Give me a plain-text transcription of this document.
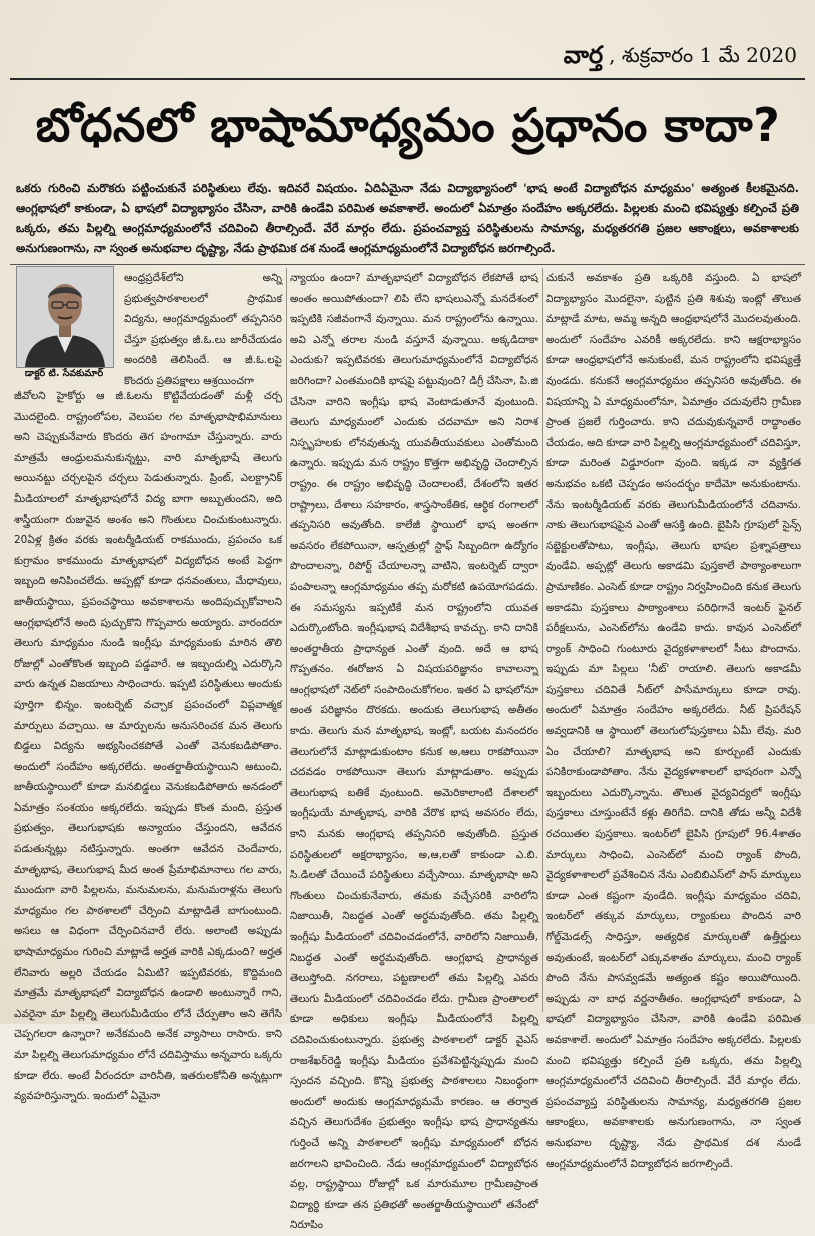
వార్త , శుక్రవారం 1 మే 2020
బోధనలో భాషామాధ్యమం ప్రధానం కాదా?
ఒకరు గురించి మరొకరు పట్టించుకునే పరిస్థితులు లేవు. ఇదివరే విషయం. ఏదిఏమైనా నేడు విద్యాభ్యాసంలో 'భాష అంటే విద్యాబోధన మాధ్యమం' అత్యంత కీలకమైనది. ఆంగ్లభాషలో కాకుండా, ఏ భాషలో విద్యాభ్యాసం చేసినా, వారికి ఉండేవి పరిమిత అవకాశాలే. అందులో ఏమాత్రం సందేహం అక్కరలేదు. పిల్లలకు మంచి భవిష్యత్తు కల్పించే ప్రతి ఒక్కరు, తమ పిల్లల్ని ఆంగ్లమాధ్యమంలోనే చదివించి తీరాల్సిందే. వేరే మార్గం లేదు. ప్రపంచవ్యాప్త పరిస్థితులను సామాన్య, మధ్యతరగతి ప్రజల ఆకాంక్షలు, అవకాశాలకు అనుగుణంగాను, నా స్వంత అనుభవాల దృష్ట్యా, నేడు ప్రాథమిక దశ నుండే ఆంగ్లమాధ్యమంలోనే విద్యాబోధన జరగాల్సిందే.
డాక్టర్ టి. సేవకుమార్
ఆంధ్రప్రదేశ్‌లోని అన్ని ప్రభుత్వపాఠశాలలలో ప్రాథమిక విద్యను, ఆంగ్లమాధ్యమంలో తప్పనిసరి చేస్తూ ప్రభుత్వం జీ.ఓ.లు జారీచేయడం అందరికి తెలిసిందే. ఆ జీ.ఓ.లపై కొందరు ప్రతిపక్షాలు ఆశ్రయించగా
జీవోలని హైకోర్టు ఆ జీ.ఓలను కొట్టివేయడంతో మళ్లీ చర్చ మొదలైంది. రాష్ట్రంలోపల, వెలుపల గల మాతృభాషాభిమానులు అని చెప్పుకునేవారు కొందరు తెగ హంగామా చేస్తున్నారు. వారు మాత్రమే ఆంధ్రులమనుకున్నట్టు, వారి మాతృభాషే తెలుగు అయినట్టు చర్చలపైన చర్చలు పెడుతున్నారు. ప్రింట్, ఎలక్ట్రానిక్ మీడియాలలో మాతృభాషలోనే విద్య బాగా అబ్బుతుందని, అది శాస్త్రీయంగా రుజువైన అంశం అని గొంతులు చించుకుంటున్నారు. 20ఏళ్ల క్రితం వరకు ఇంటర్మీడియట్ రాకముందు, ప్రపంచం ఒక కుగ్రామం కాకముందు మాతృభాషలో విద్యబోధన అంటే పెద్దగా ఇబ్బంది అనిపించలేదు. అప్పట్లో కూడా ధనవంతులు, మేధావులు, జాతీయస్థాయి, ప్రపంచస్థాయి అవకాశాలను అందిపుచ్చుకోవాలని ఆంగ్లభాషలోనే అంది పుచ్చుకొని గొప్పవారు అయ్యారు. వారందరూ తెలుగు మాధ్యమం నుండి ఇంగ్లీషు మాధ్యమంకు మారిన తొలి రోజుల్లో ఎంతోకొంత ఇబ్బంది పడ్డవారే. ఆ ఇబ్బందుల్ని ఎదుర్కొని వారు ఉన్నత విజయాలు సాధించారు. ఇప్పటి పరిస్థితులు అందుకు పూర్తిగా భిన్నం. ఇంటర్నెట్ వచ్చాక ప్రపంచంలో విప్లవాత్మక మార్పులు వచ్చాయి. ఆ మార్పులను అనుసరించక మన తెలుగు బిడ్డలు విద్యను అభ్యసించకపోతే ఎంతో వెనుకబడిపోతాం. అందులో సందేహం అక్కరలేదు. అంతర్జాతీయస్థాయిని అటుంచి, జాతీయస్థాయిలో కూడా మనబిడ్డలు వెనుకబడిపోతారు అనడంలో ఏమాత్రం సంశయం అక్కరలేదు. ఇప్పుడు కొంత మంది, ప్రస్తుత ప్రభుత్వం, తెలుగుభాషకు అన్యాయం చేస్తుందని, ఆవేదన పడుతున్నట్లు నటిస్తున్నారు. అంతగా ఆవేదన చెందేవారు, మాతృభాష, తెలుగుభాష మీద అంత ప్రేమాభిమానాలు గల వారు, ముందుగా వారి పిల్లలను, మనుమలను, మనుమరాళ్లను తెలుగు మాధ్యమం గల పాఠశాలలో చేర్పించి మాట్లాడితే బాగుంటుంది. అసలు ఆ విధంగా చేర్పించినవారే లేరు. అలాంటి అప్పుడు భాషామాధ్యమం గురించి మాట్లాడే అర్హత వారికి ఎక్కడుంది? అర్హత లేనివారు అల్లరి చేయడం ఏమిటి? ఇప్పటివరకు, కొద్దిమంది మాత్రమే మాతృభాషలో విద్యాబోధన ఉండాలి అంటున్నారే గాని, ఎవరైనా మా పిల్లల్ని తెలుగుమీడియం లోనే చేర్పుతాం అని తెగేసి చెప్పగలరా ఉన్నారా? అనేకమంది అనేక వ్యాసాలు రాసారు. కాని మా పిల్లల్ని తెలుగుమాధ్యమం లోనే చదివిస్తాము అన్నవారు ఒక్కరు కూడా లేరు. అంటే వీరందరూ వారినీతి, ఇతరులకోనీతి అన్నట్లుగా వ్యవహరిస్తున్నారు. ఇందులో ఏమైనా
న్యాయం ఉందా? మాతృభాషలో విద్యాబోధన లేకపోతే భాష అంతం అయిపోతుందా? లిపి లేని భాషలుఎన్నో మనదేశంలో ఇప్పటికి సజీవంగానే వున్నాయి. మన రాష్ట్రంలోను ఉన్నాయి. అవి ఎన్నో తరాల నుండి వస్తూనే వున్నాయి. అక్కడిదాకా ఎందుకు? ఇప్పటివరకు తెలుగుమాధ్యమంలోనే విద్యాబోధన జరిగిందా? ఎంతమందికి భాషపై పట్టువుంది? డిగ్రీ చేసినా, పి.జి చేసినా వారిని ఇంగ్లీషు భాష వెంటాడుతూనే వుంటుంది. తెలుగు మాధ్యమంలో ఎందుకు చదవామా అని నిరాశ నిస్పృహలకు లోనవుతున్న యువతీయువకులు ఎంతోమంది ఉన్నారు. ఇప్పుడు మన రాష్ట్రం కొత్తగా అభివృద్ధి చెందాల్సిన రాష్ట్రం. ఈ రాష్ట్రం అభివృద్ధి చెందాలంటే, దేశంలోని ఇతర రాష్ట్రాలు, దేశాలు సహకారం, శాస్త్రసాంకేతిక, ఆర్థిక రంగాలలో తప్పనిసరి అవుతోంది. కాలేజీ స్థాయిలో భాష అంతగా అవసరం లేకపోయినా, ఆస్పత్రుల్లో స్టాఫ్ సిబ్బందిగా ఉద్యోగం పొందాలన్నా, రిపోర్ట్ చేయాలన్నా వాటిని, ఇంటర్నెట్ ద్వారా పంపాలన్నా ఆంగ్లమాధ్యమం తప్ప మరోకటి ఉపయోగపడదు. ఈ సమస్యను ఇప్పటికే మన రాష్ట్రంలోని యువత ఎదుర్కొంటోంది. ఇంగ్లీషుభాష విదేశీభాష కావచ్చు. కాని దానికి అంతర్జాతీయ ప్రాధాన్యత ఎంతో వుంది. అదే ఆ భాష గొప్పతనం. ఈరోజున ఏ విషయపరిజ్ఞానం కావాలన్నా ఆంగ్లభాషలో నెట్‌లో సంపాదించుకోగలం. ఇతర ఏ భాషలోనూ అంత పరిజ్ఞానం దొరకదు. అందుకు తెలుగుభాష అతీతం కాదు. తెలుగు మన మాతృభాష, ఇంట్లో, బయట మనందరం తెలుగులోనే మాట్లాడుకుంటాం కనుక అ,ఆలు రాకపోయినా చదవడం రాకపోయినా తెలుగు మాట్లాడుతాం. అప్పుడు తెలుగుభాష బతికే వుంటుంది. అమెరికాలాంటి దేశాలలో ఇంగ్లీషుయే మాతృభాష, వారికి వేరొక భాష అవసరం లేదు, కాని మనకు ఆంగ్లభాష తప్పనిసరి అవుతోంది. ప్రస్తుత పరిస్థితులలో అక్షరాభ్యాసం, అ,ఆ,లతో కాకుండా ఎ.బి. సి.డిలతో చేయించే పరిస్థితులు వచ్చేసాయి. మాతృభాషా అని గొంతులు చించుకునేవారు, తమకు వచ్చేసరికి వారిలోని నిజాయితీ, నిబద్ధత ఎంతో అర్థమవుతోంది. తమ పిల్లల్ని ఇంగ్లీషు మీడియంలో చదివించడంలోనే, వారిలోని నిజాయితీ, నిబద్ధత ఎంతో అర్థమవుతోంది. ఆంగ్లభాష ప్రాధాన్యత తెలుస్తోంది. నగరాలు, పట్టణాలలో తమ పిల్లల్ని ఎవరు తెలుగు మీడియంలో చదివించడం లేదు. గ్రామీణ ప్రాంతాలలో కూడా అధికులు ఇంగ్లీషు మీడియంలోనే పిల్లల్ని చదివించుకుంటున్నారు. ప్రభుత్వ పాఠశాలలో డాక్టర్ వైఎస్ రాజశేఖర్‌రెడ్డి ఇంగ్లీషు మీడియం ప్రవేశపెట్టిన్నప్పుడు మంచి స్పందన వచ్చింది. కొన్ని ప్రభుత్వ పాఠశాలలు నిబంధ్ధంగా అందులో అందుకు ఆంగ్లమాధ్యమమే కారణం. ఆ తర్వాత వచ్చిన తెలుగుదేశం ప్రభుత్వం ఇంగ్లీషు భాష ప్రాధాన్యతను గుర్తించే అన్ని పాఠశాలలో ఇంగ్లీషు మాధ్యమంలో బోధన జరగాలని భావించింది. నేడు ఆంగ్లమాధ్యమంలో విద్యాబోధన వల్ల, రాష్ట్రస్థాయి రోజుల్లో ఒక మారుమూల గ్రామీణప్రాంత విద్యార్థి కూడా తన ప్రతిభతో అంతర్జాతీయస్థాయిలో తనేంటో నిరూపిం
చుకునే అవకాశం ప్రతి ఒక్కరికి వస్తుంది. ఏ భాషలో విద్యాభ్యాసం మొదలైనా, పుట్టిన ప్రతి శిశువు ఇంట్లో తొలుత మాట్లాడే మాట, అమ్మ అన్నది ఆంధ్రభాషలోనే మొదలవుతుంది. అందులో సందేహం ఎవరికీ అక్కరలేదు. కాని ఆక్షరాభ్యాసం కూడా ఆంధ్రభాషలోనే అనుకుంటే, మన రాష్ట్రంలోని భవిష్యత్తే వుండదు. కనుకనే ఆంగ్లమాధ్యమం తప్పనిసరి అవుతోంది. ఈ విషయాన్ని ఏ మాధ్యమంలోనూ, ఏమాత్రం చదువులేని గ్రామీణ ప్రాంత ప్రజలే గుర్తించారు. కాని చదువుకున్నవారే రాద్ధాంతం చేయడం, అది కూడా వారి పిల్లల్ని ఆంగ్లమాధ్యమంలో చదివిస్తూ, కూడా మరింత విడ్డూరంగా వుంది. ఇక్కడ నా వ్యక్తిగత అనుభవం ఒకటి చెప్పడం అసందర్భం కాదేమో అనుకుంటాను. నేను ఇంటర్మీడియట్ వరకు తెలుగుమీడియంలోనే చదివాను. నాకు తెలుగుభాషపైన ఎంతో ఆసక్తి ఉంది. బైపిసి గ్రూపులో సైన్స్ సబ్జెక్టులతోపాటు, ఇంగ్లీషు, తెలుగు భాషల ప్రశ్నాపత్రాలు వుండేవి. అప్పట్లో తెలుగు అకాడమి పుస్తకాలే పాఠ్యాంశాలుగా ప్రామాణికం. ఎంసెట్ కూడా రాష్ట్రం నిర్వహించింది కనుక తెలుగు అకాడమి పుస్తకాలు పాఠ్యాంశాలు పరిధిగానే ఇంటర్ ఫైనల్ పరీక్షలును, ఎంసెట్‌లోను ఉండేవి కాదు. కావున ఎంసెట్‌లో ర్యాంక్ సాధించి గుంటూరు వైద్యకళాశాలలో సీటు పొందాను. ఇప్పుడు మా పిల్లలు 'నీట్' రాయాలి. తెలుగు అకాడమీ పుస్తకాలు చదివితే నీట్‌లో పాసేమార్కులు కూడా రావు. అందులో ఏమాత్రం సందేహం అక్కరలేదు. నీట్ ప్రిపరేషన్ అవ్వడానికి ఆ స్థాయిలో తెలుగులోపుస్తకాలు ఏమీ లేవు. మరి ఏం చేయాలి? మాతృభాష అని కూర్చుంటే ఎందుకు పనికిరాకుండాపోతాం. నేను వైద్యకళాశాలలో భాషరంగా ఎన్నో ఇబ్బందులు ఎదుర్కొన్నాను. తొలుత వైద్యవిద్యలో ఇంగ్లీషు పుస్తకాలు చూస్తుంటేనే కళ్లు తిరిగేవి. దానికి తోడు అన్నీ విదేశీ రచయితల పుస్తకాలు. ఇంటర్‌లో బైపిసి గ్రూపులో 96.4శాతం మార్కులు సాధించి, ఎంసెట్‌లో మంచి ర్యాంక్ పొంది, వైద్యకళాశాలలో ప్రవేశించిన నేను ఎంబిబిఎస్‌లో పాస్ మార్కులు కూడా ఎంత కష్టంగా వుండేది. ఇంగ్లీషు మాధ్యమం చదివి, ఇంటర్‌లో తక్కువ మార్కులు, ర్యాంకులు పొందిన వారి గోల్డ్‌మెడల్స్ సాధిస్తూ, అత్యధిక మార్కులతో ఉత్తీర్ణులు అవుతుంటే, ఇంటర్‌లో ఎక్కువశాతం మార్కులు, మంచి ర్యాంక్ పొంది నేను పాసవ్వడమే అత్యంత కష్టం అయిపోయింది. అప్పుడు నా బాధ వర్ణనాతీతం. ఆంగ్లభాషలో కాకుండా, ఏ భాషలో విద్యాభ్యాసం చేసినా, వారికి ఉండేవి పరిమిత అవకాశాలే. అందులో ఏమాత్రం సందేహం అక్కరలేదు. పిల్లలకు మంచి భవిష్యత్తు కల్పించే ప్రతి ఒక్కరు, తమ పిల్లల్ని ఆంగ్లమాధ్యమంలోనే చదివించి తీరాల్సిందే. వేరే మార్గం లేదు. ప్రపంచవ్యాప్త పరిస్థితులను సామాన్య, మధ్యతరగతి ప్రజల ఆకాంక్షలు, అవకాశాలకు అనుగుణంగాను, నా స్వంత అనుభవాల దృష్ట్యా, నేడు ప్రాథమిక దశ నుండే ఆంగ్లమాధ్యమంలోనే విద్యాబోధన జరగాల్సిందే.
